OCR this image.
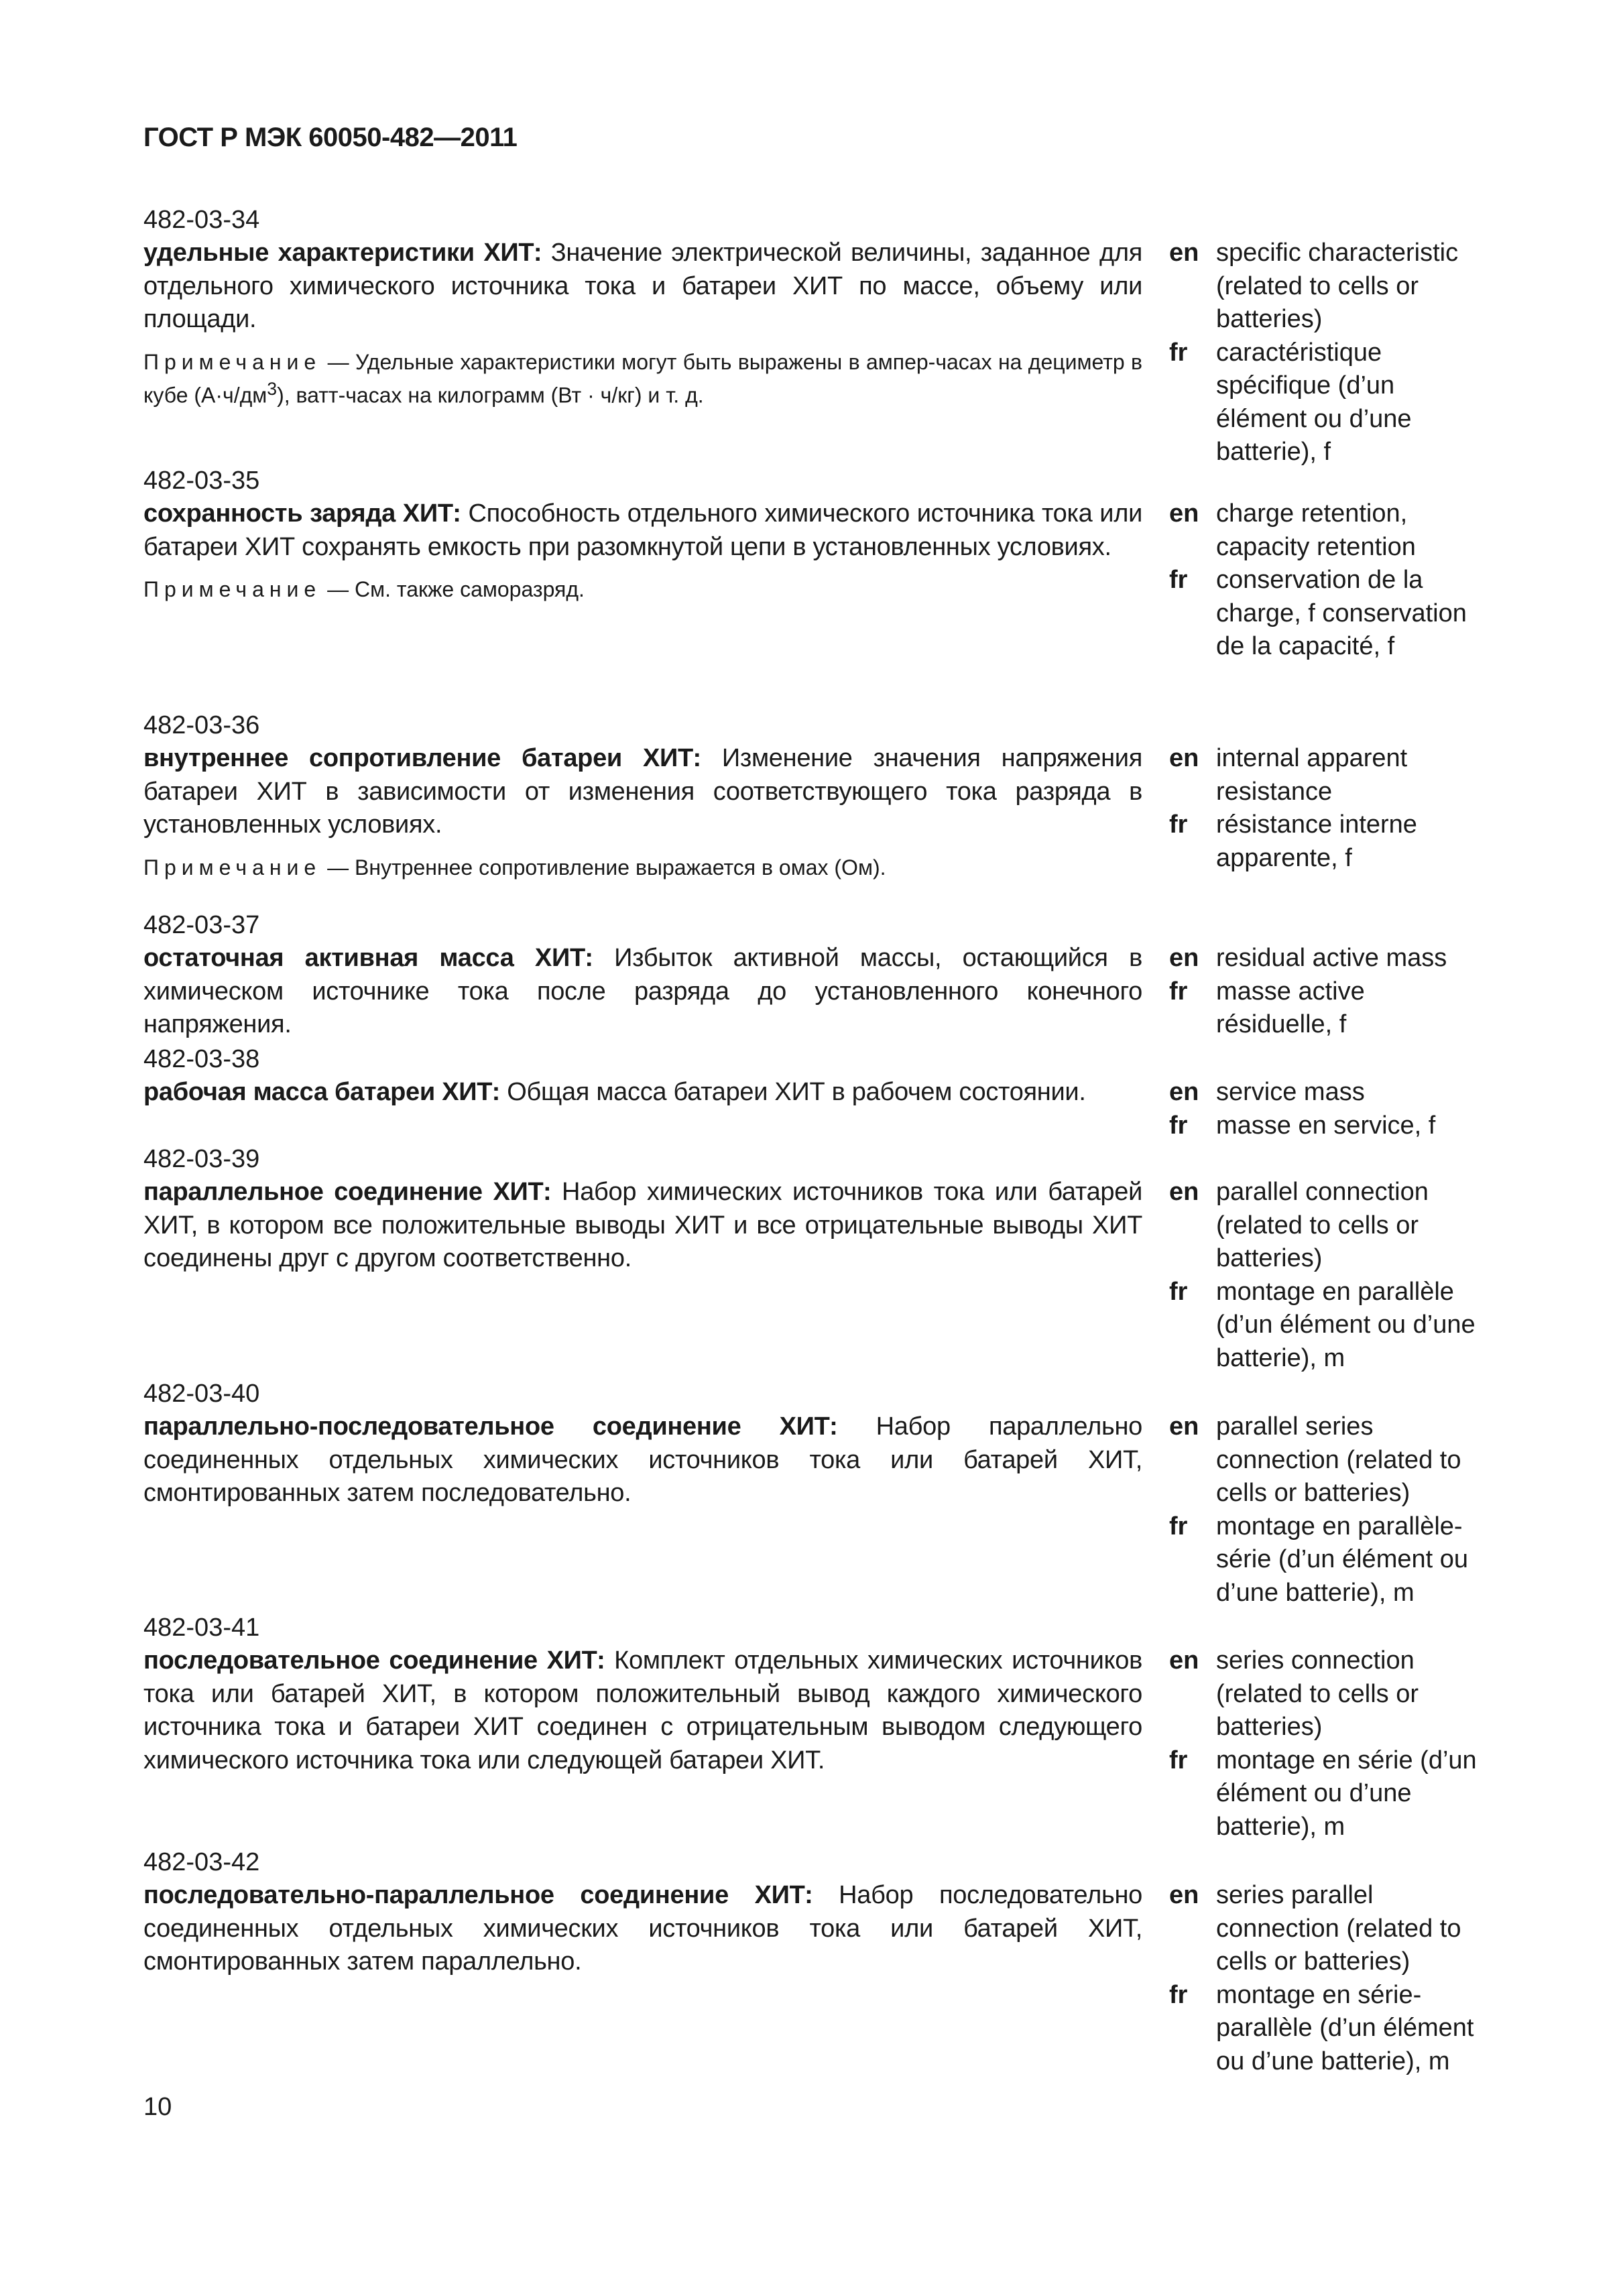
ГОСТ Р МЭК 60050-482—2011
482-03-34
удельные характеристики ХИТ: Значение электрической величины, заданное для отдельного химического источника тока и батареи ХИТ по массе, объему или площади.
Примечание — Удельные характеристики могут быть выражены в ампер-часах на дециметр в кубе $(А\cdot ч/дм^3)$, ватт-часах на килограмм (Вт · ч/кг) и т. д.
en specific characteristic (related to cells or batteries)
fr	caractéristique spécifique (d’un élément ou d’une batterie), f
482-03-35
сохранность заряда ХИТ: Способность отдельного химического источника тока или батареи ХИТ сохранять емкость при разомкнутой цепи в установленных условиях.
Примечание — См. также саморазряд.
en charge retention, capacity retention
fr	conservation de la charge, f conservation de la capacité, f
482-03-36
внутреннее сопротивление батареи ХИТ: Изменение значения напряжения батареи ХИТ в зависимости от изменения соответствующего тока разряда в установленных условиях.
Примечание — Внутреннее сопротивление выражается в омах (Ом).
en internal apparent resistance
fr	résistance interne apparente, f
482-03-37
остаточная активная масса ХИТ: Избыток активной массы, остающийся в химическом источнике тока после разряда до установленного конечного напряжения.
en residual active mass
fr	masse active résiduelle, f
482-03-38
рабочая масса батареи ХИТ: Общая масса батареи ХИТ в рабочем состоянии.	en service mass
fr	masse en service, f
482-03-39
параллельное соединение ХИТ: Набор химических источников тока или батарей ХИТ, в котором все положительные выводы ХИТ и все отрицательные выводы ХИТ соединены друг с другом соответственно.
en parallel connection (related to cells or batteries)
fr	montage en parallèle (d’un élément ou d’une batterie), m
482-03-40
параллельно-последовательное соединение ХИТ: Набор параллельно соединенных отдельных химических источников тока или батарей ХИТ, смонтированных затем последовательно.
en parallel series connection (related to cells or batteries)
fr	montage en parallèle-série (d’un élément ou d’une batterie), m
482-03-41
последовательное соединение ХИТ: Комплект отдельных химических источников тока или батарей ХИТ, в котором положительный вывод каждого химического источника тока и батареи ХИТ соединен с отрицательным выводом следующего химического источника тока или следующей батареи ХИТ.
en series connection (related to cells or batteries)
fr	montage en série (d’un élément ou d’une batterie), m
482-03-42
последовательно-параллельное соединение ХИТ: Набор последовательно соединенных отдельных химических источников тока или батарей ХИТ, смонтированных затем параллельно.
en series parallel connection (related to cells or batteries)
fr	montage en série-parallèle (d’un élément ou d’une batterie), m
10
